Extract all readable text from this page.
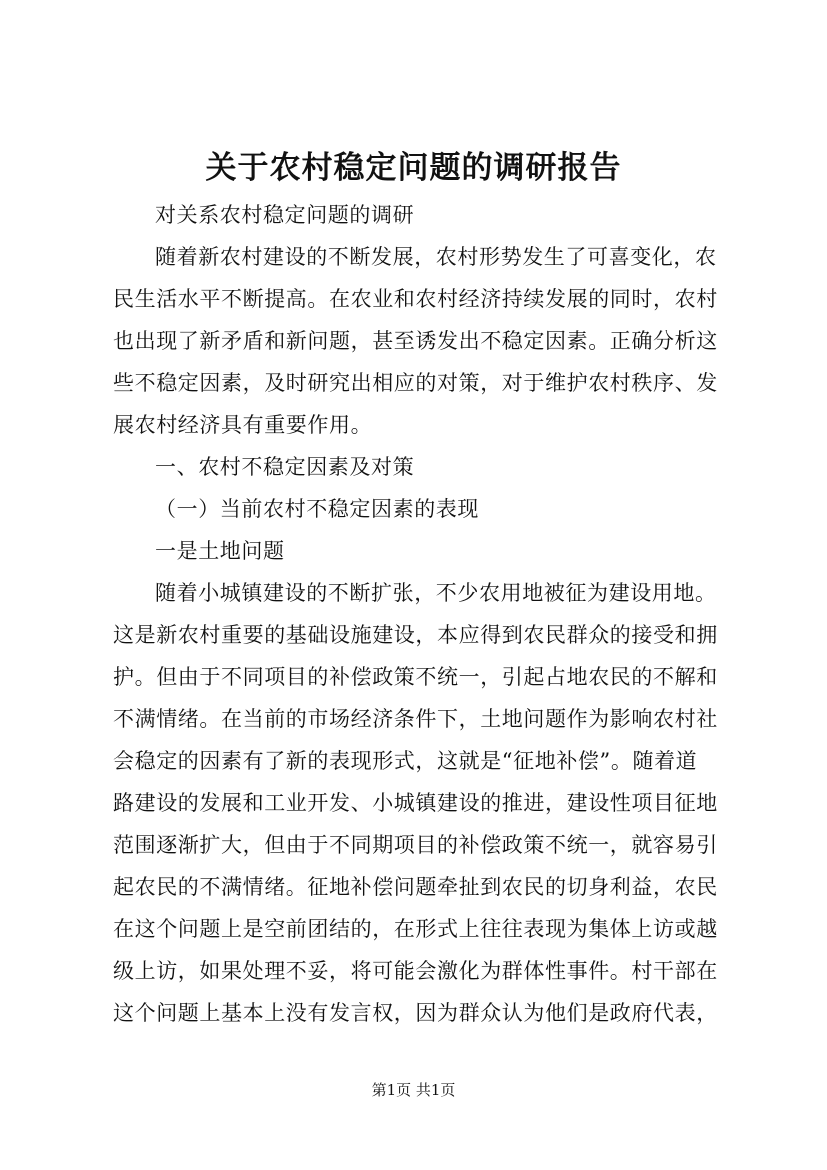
关于农村稳定问题的调研报告
对关系农村稳定问题的调研
随着新农村建设的不断发展，农村形势发生了可喜变化，农
民生活水平不断提高。在农业和农村经济持续发展的同时，农村
也出现了新矛盾和新问题，甚至诱发出不稳定因素。正确分析这
些不稳定因素，及时研究出相应的对策，对于维护农村秩序、发
展农村经济具有重要作用。
一、农村不稳定因素及对策
（一）当前农村不稳定因素的表现
一是土地问题
随着小城镇建设的不断扩张，不少农用地被征为建设用地。
这是新农村重要的基础设施建设，本应得到农民群众的接受和拥
护。但由于不同项目的补偿政策不统一，引起占地农民的不解和
不满情绪。在当前的市场经济条件下，土地问题作为影响农村社
会稳定的因素有了新的表现形式，这就是“征地补偿”。随着道
路建设的发展和工业开发、小城镇建设的推进，建设性项目征地
范围逐渐扩大，但由于不同期项目的补偿政策不统一，就容易引
起农民的不满情绪。征地补偿问题牵扯到农民的切身利益，农民
在这个问题上是空前团结的，在形式上往往表现为集体上访或越
级上访，如果处理不妥，将可能会激化为群体性事件。村干部在
这个问题上基本上没有发言权，因为群众认为他们是政府代表，
第1页 共1页
